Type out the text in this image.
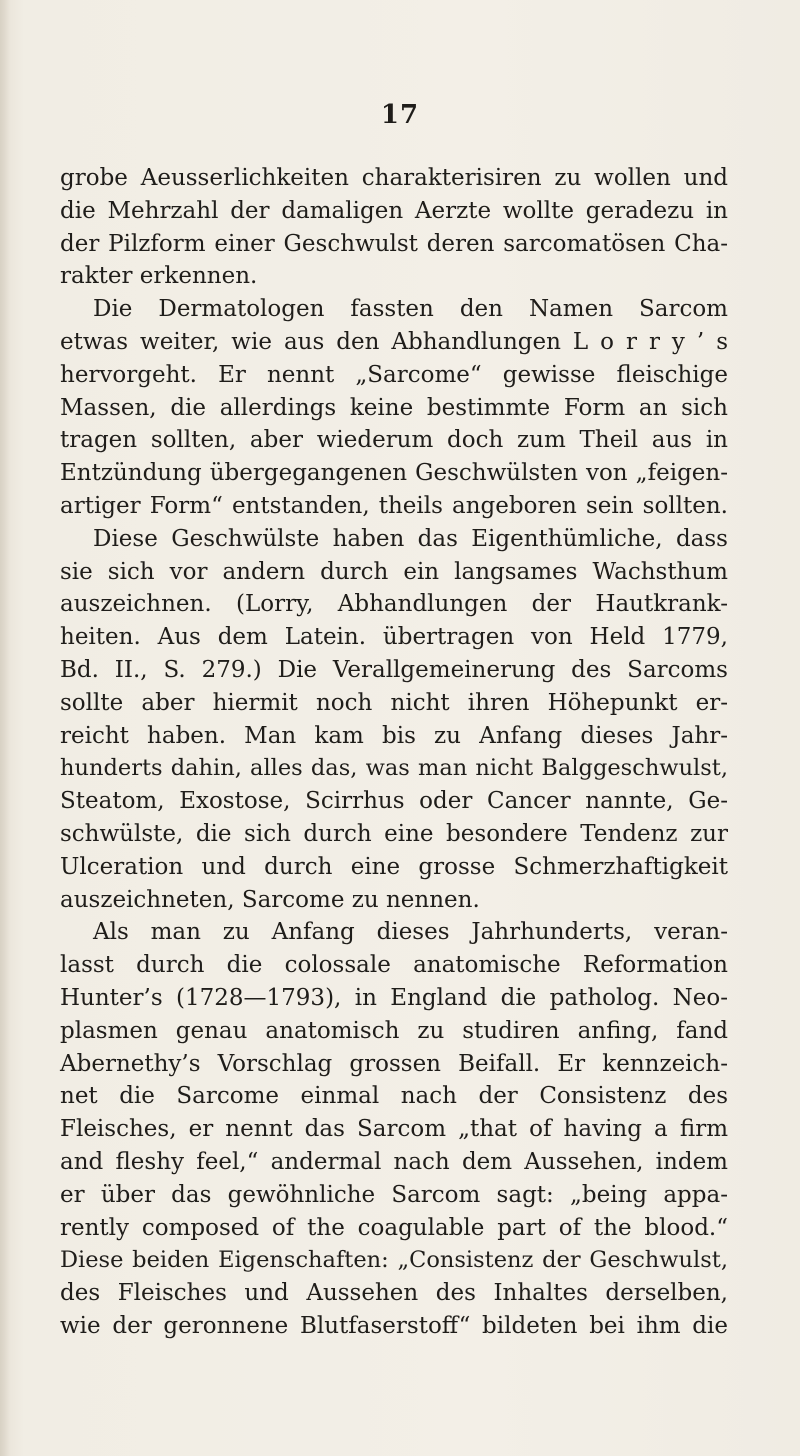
17
grobe Aeusserlichkeiten charakterisiren zu wollen und
die Mehrzahl der damaligen Aerzte wollte geradezu in
der Pilzform einer Geschwulst deren sarcomatösen Cha-
rakter erkennen.
Die Dermatologen fassten den Namen Sarcom
etwas weiter, wie aus den Abhandlungen L o r r y ’ s
hervorgeht. Er nennt „Sarcome“ gewisse fleischige
Massen, die allerdings keine bestimmte Form an sich
tragen sollten, aber wiederum doch zum Theil aus in
Entzündung übergegangenen Geschwülsten von „feigen-
artiger Form“ entstanden, theils angeboren sein sollten.
Diese Geschwülste haben das Eigenthümliche, dass
sie sich vor andern durch ein langsames Wachsthum
auszeichnen. (Lorry, Abhandlungen der Hautkrank-
heiten. Aus dem Latein. übertragen von Held 1779,
Bd. II., S. 279.) Die Verallgemeinerung des Sarcoms
sollte aber hiermit noch nicht ihren Höhepunkt er-
reicht haben. Man kam bis zu Anfang dieses Jahr-
hunderts dahin, alles das, was man nicht Balggeschwulst,
Steatom, Exostose, Scirrhus oder Cancer nannte, Ge-
schwülste, die sich durch eine besondere Tendenz zur
Ulceration und durch eine grosse Schmerzhaftigkeit
auszeichneten, Sarcome zu nennen.
Als man zu Anfang dieses Jahrhunderts, veran-
lasst durch die colossale anatomische Reformation
Hunter’s (1728—1793), in England die patholog. Neo-
plasmen genau anatomisch zu studiren anfing, fand
Abernethy’s Vorschlag grossen Beifall. Er kennzeich-
net die Sarcome einmal nach der Consistenz des
Fleisches, er nennt das Sarcom „that of having a firm
and fleshy feel,“ andermal nach dem Aussehen, indem
er über das gewöhnliche Sarcom sagt: „being appa-
rently composed of the coagulable part of the blood.“
Diese beiden Eigenschaften: „Consistenz der Geschwulst,
des Fleisches und Aussehen des Inhaltes derselben,
wie der geronnene Blutfaserstoff“ bildeten bei ihm die
